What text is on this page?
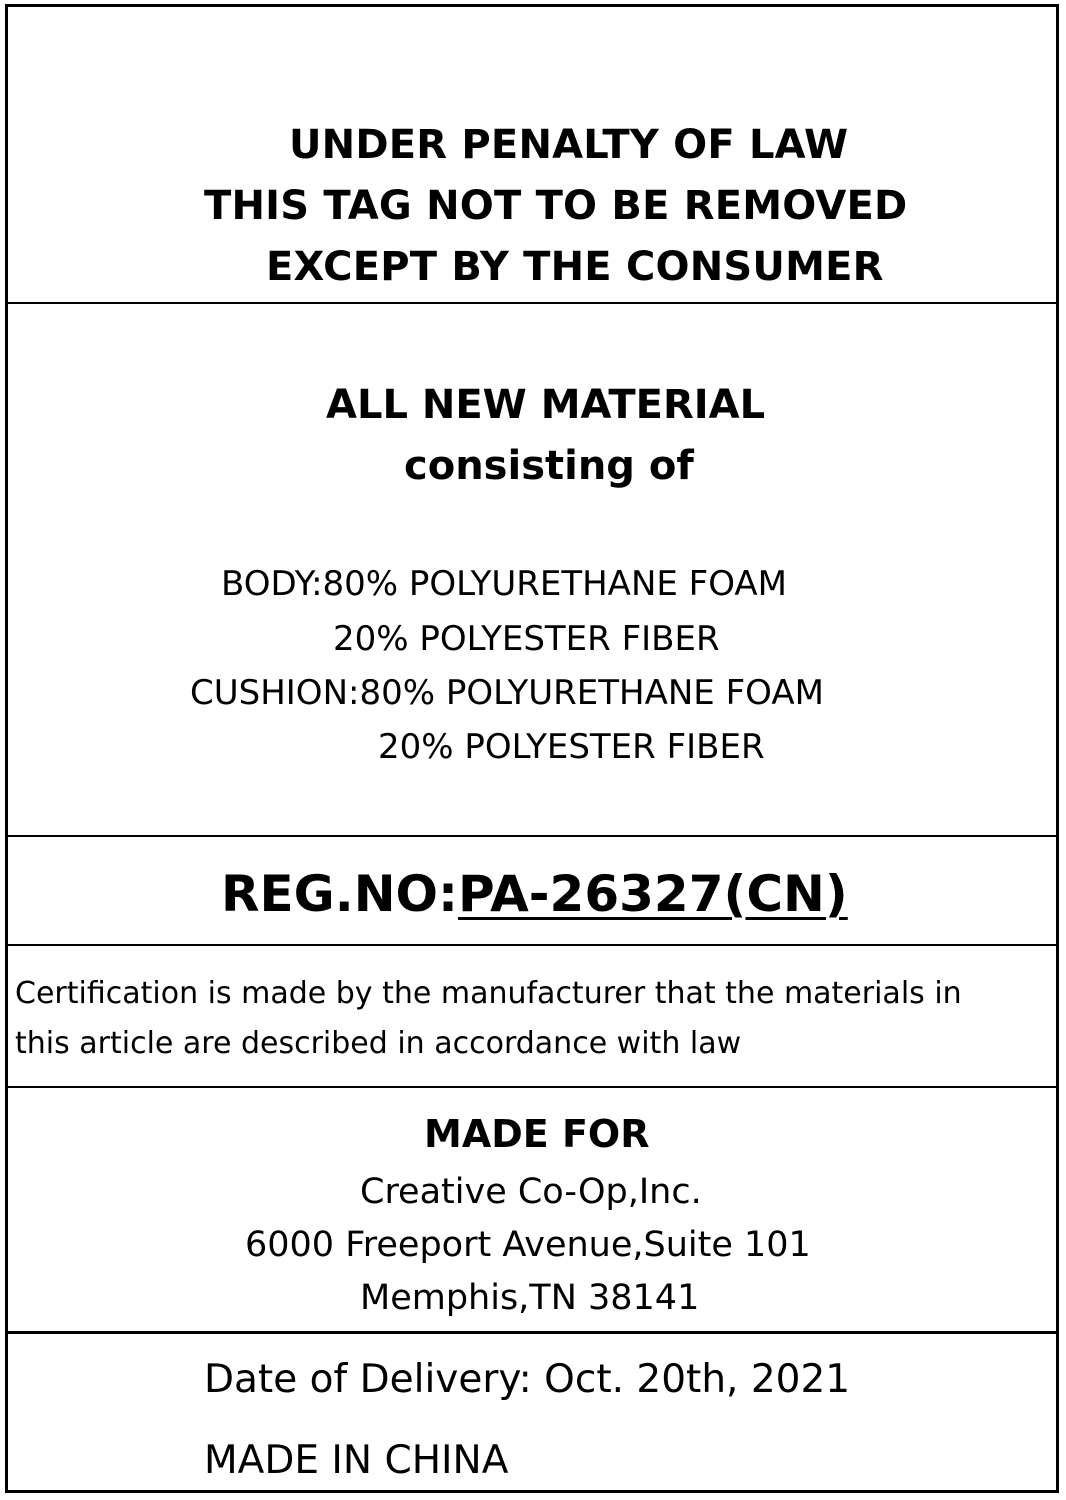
UNDER PENALTY OF LAW
THIS TAG NOT TO BE REMOVED
EXCEPT BY THE CONSUMER
ALL NEW MATERIAL
consisting of
BODY:80% POLYURETHANE FOAM
20% POLYESTER FIBER
CUSHION:80% POLYURETHANE FOAM
20% POLYESTER FIBER
REG.NO:PA-26327(CN)
Certification is made by the manufacturer that the materials in
this article are described in accordance with law
MADE FOR
Creative Co-Op,Inc.
6000 Freeport Avenue,Suite 101
Memphis,TN 38141
Date of Delivery: Oct. 20th, 2021
MADE IN CHINA
